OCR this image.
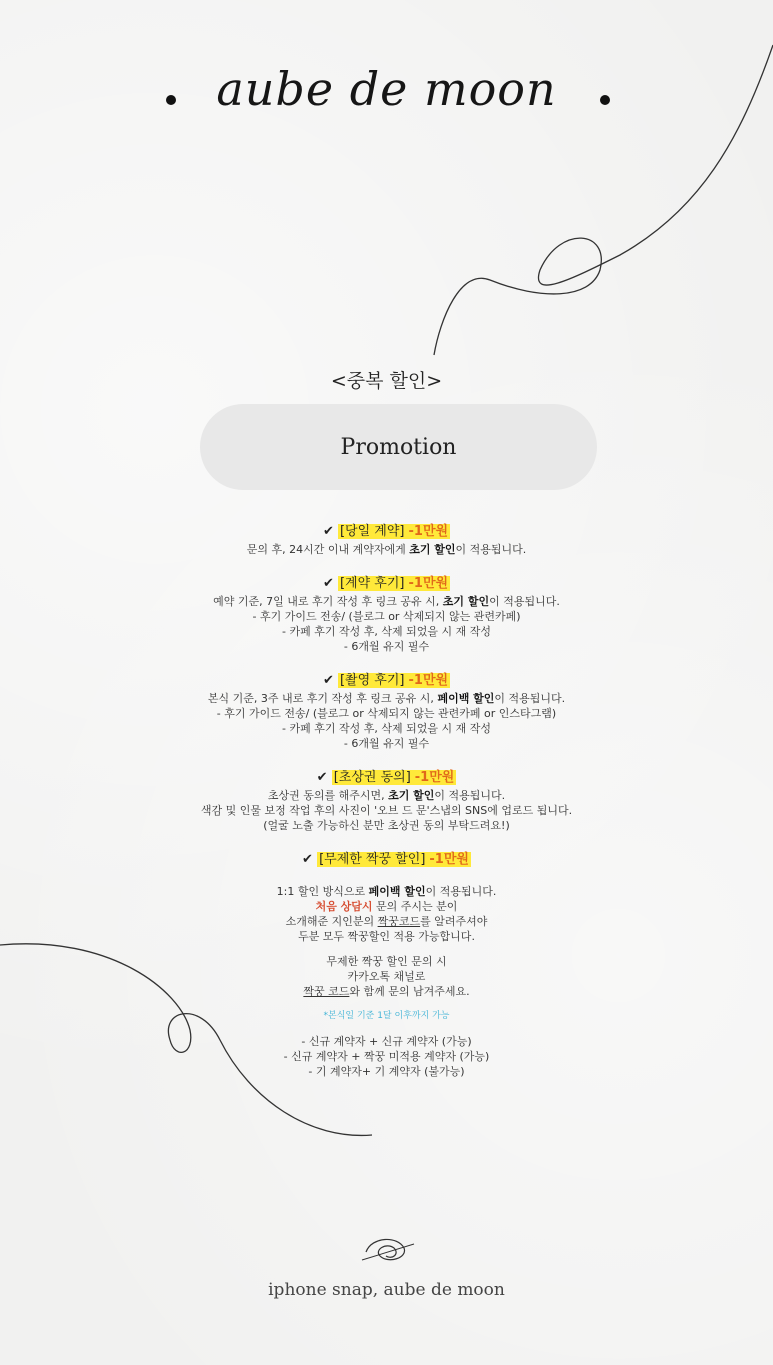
aube de moon
<중복 할인>
Promotion
✔ [당일 계약] -1만원
문의 후, 24시간 이내 계약자에게 초기 할인이 적용됩니다.
✔ [계약 후기] -1만원
예약 기준, 7일 내로 후기 작성 후 링크 공유 시, 초기 할인이 적용됩니다.
- 후기 가이드 전송/ (블로그 or 삭제되지 않는 관련카페)
- 카페 후기 작성 후, 삭제 되었을 시 재 작성
- 6개월 유지 필수
✔ [촬영 후기] -1만원
본식 기준, 3주 내로 후기 작성 후 링크 공유 시, 페이백 할인이 적용됩니다.
- 후기 가이드 전송/ (블로그 or 삭제되지 않는 관련카페 or 인스타그램)
- 카페 후기 작성 후, 삭제 되었을 시 재 작성
- 6개월 유지 필수
✔ [초상권 동의] -1만원
초상권 동의를 해주시면, 초기 할인이 적용됩니다.
색감 및 인물 보정 작업 후의 사진이 '오브 드 문'스냅의 SNS에 업로드 됩니다.
(얼굴 노출 가능하신 분만 초상권 동의 부탁드려요!)
✔ [무제한 짝꿍 할인] -1만원
1:1 할인 방식으로 페이백 할인이 적용됩니다.
처음 상담시 문의 주시는 분이
소개해준 지인분의 짝꿍코드를 알려주셔야
두분 모두 짝꿍할인 적용 가능합니다.
무제한 짝꿍 할인 문의 시
카카오톡 채널로
짝꿍 코드와 함께 문의 남겨주세요.
*본식일 기준 1달 이후까지 가능
- 신규 계약자 + 신규 계약자 (가능)
- 신규 계약자 + 짝꿍 미적용 계약자 (가능)
- 기 계약자+ 기 계약자 (불가능)
iphone snap, aube de moon
